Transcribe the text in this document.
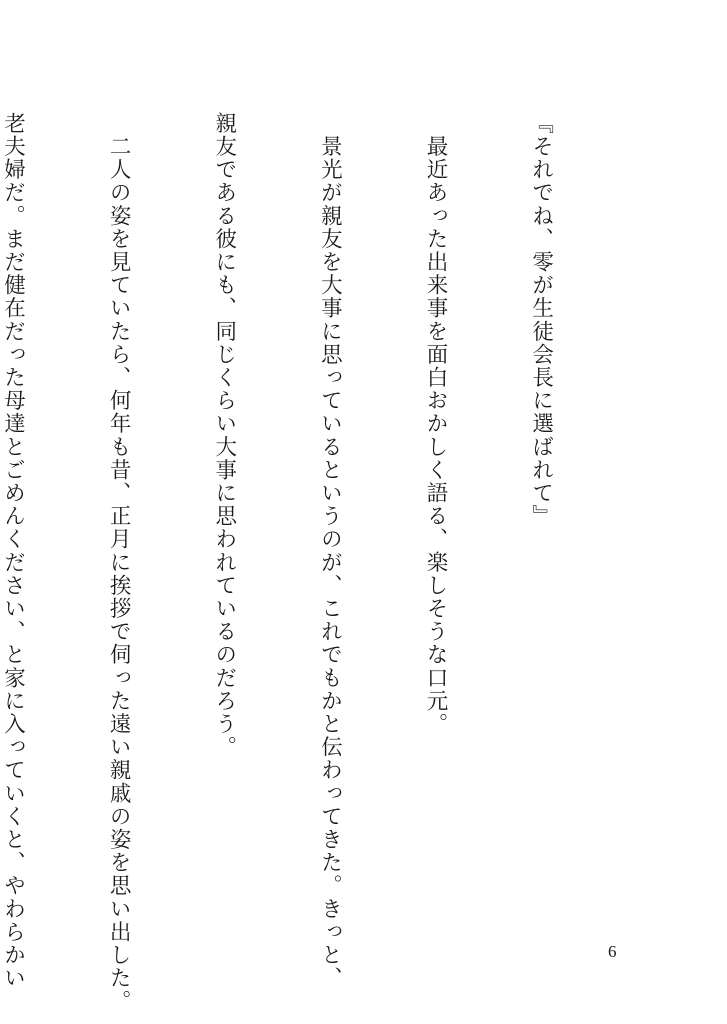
『それでね、零が生徒会長に選ばれて』

　最近あった出来事を面白おかしく語る、楽しそうな口元。

　景光が親友を大事に思っているというのが、これでもかと伝わってきた。きっと、

親友である彼にも、同じくらい大事に思われているのだろう。

　二人の姿を見ていたら、何年も昔、正月に挨拶で伺った遠い親戚の姿を思い出した。

老夫婦だ。まだ健在だった母達とごめんください、と家に入っていくと、やわらかい

	6
